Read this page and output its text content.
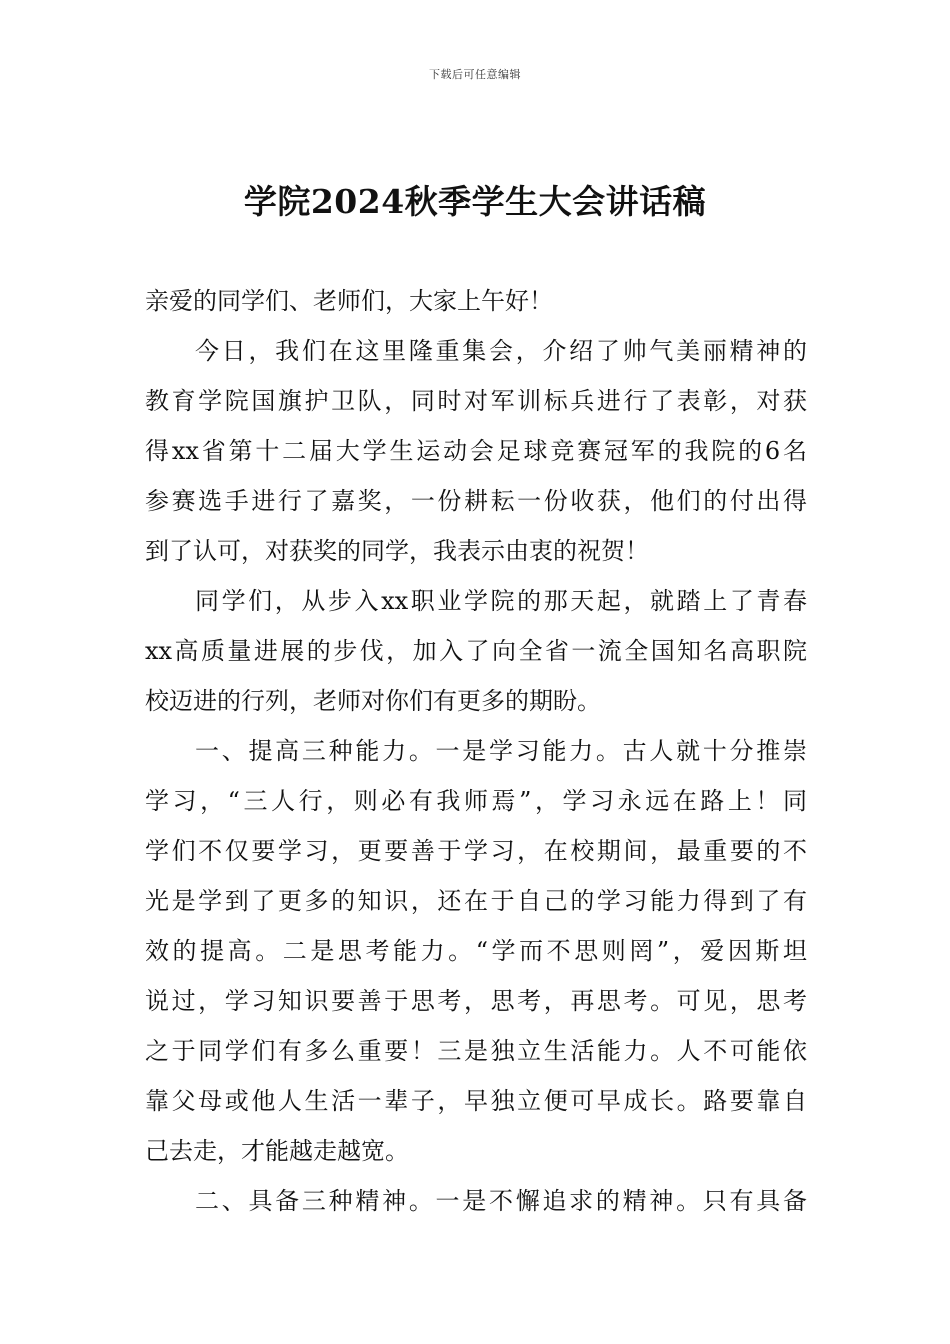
下载后可任意编辑
学院2024秋季学生大会讲话稿
亲爱的同学们、老师们，大家上午好！
今日，我们在这里隆重集会，介绍了帅气美丽精神的
教育学院国旗护卫队，同时对军训标兵进行了表彰，对获
得xx省第十二届大学生运动会足球竞赛冠军的我院的6名
参赛选手进行了嘉奖，一份耕耘一份收获，他们的付出得
到了认可，对获奖的同学，我表示由衷的祝贺！
同学们，从步入xx职业学院的那天起，就踏上了青春
xx高质量进展的步伐，加入了向全省一流全国知名高职院
校迈进的行列，老师对你们有更多的期盼。
一、提高三种能力。一是学习能力。古人就十分推崇
学习，“三人行，则必有我师焉”，学习永远在路上！同
学们不仅要学习，更要善于学习，在校期间，最重要的不
光是学到了更多的知识，还在于自己的学习能力得到了有
效的提高。二是思考能力。“学而不思则罔”，爱因斯坦
说过，学习知识要善于思考，思考，再思考。可见，思考
之于同学们有多么重要！三是独立生活能力。人不可能依
靠父母或他人生活一辈子，早独立便可早成长。路要靠自
己去走，才能越走越宽。
二、具备三种精神。一是不懈追求的精神。只有具备
